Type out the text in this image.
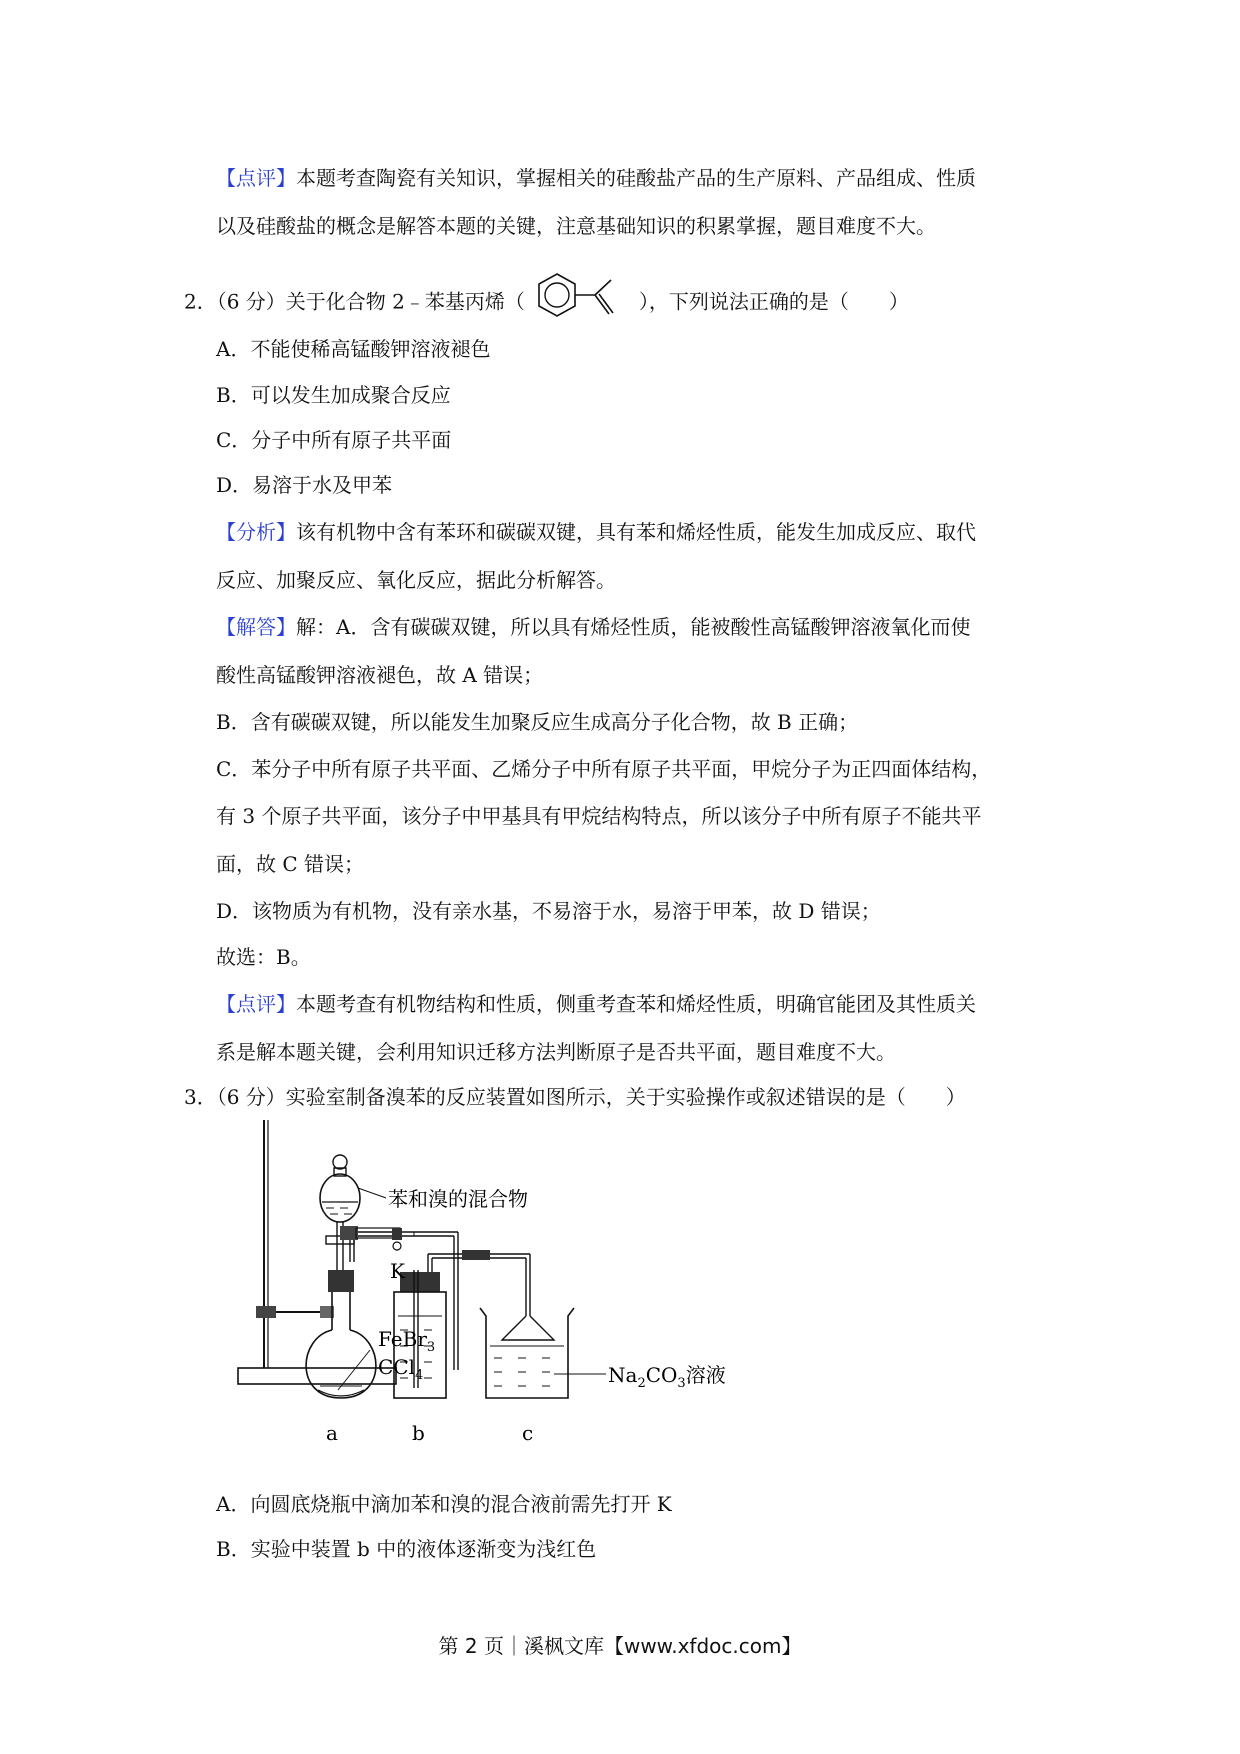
【点评】本题考查陶瓷有关知识，掌握相关的硅酸盐产品的生产原料、产品组成、性质
以及硅酸盐的概念是解答本题的关键，注意基础知识的积累掌握，题目难度不大。
2．（6 分）关于化合物 2﹣苯基丙烯（	），下列说法正确的是（　　）
A．不能使稀高锰酸钾溶液褪色
B．可以发生加成聚合反应
C．分子中所有原子共平面
D．易溶于水及甲苯
【分析】该有机物中含有苯环和碳碳双键，具有苯和烯烃性质，能发生加成反应、取代
反应、加聚反应、氧化反应，据此分析解答。
【解答】解：A．含有碳碳双键，所以具有烯烃性质，能被酸性高锰酸钾溶液氧化而使
酸性高锰酸钾溶液褪色，故 A 错误；
B．含有碳碳双键，所以能发生加聚反应生成高分子化合物，故 B 正确；
C．苯分子中所有原子共平面、乙烯分子中所有原子共平面，甲烷分子为正四面体结构，
有 3 个原子共平面，该分子中甲基具有甲烷结构特点，所以该分子中所有原子不能共平
面，故 C 错误；
D．该物质为有机物，没有亲水基，不易溶于水，易溶于甲苯，故 D 错误；
故选：B。
【点评】本题考查有机物结构和性质，侧重考查苯和烯烃性质，明确官能团及其性质关
系是解本题关键，会利用知识迁移方法判断原子是否共平面，题目难度不大。
3．（6 分）实验室制备溴苯的反应装置如图所示，关于实验操作或叙述错误的是（　　）
苯和溴的混合物
K
FeBr$_3$
CCl$_4$	$Na_2CO_3$溶液
a	b	c
A．向圆底烧瓶中滴加苯和溴的混合液前需先打开 K
B．实验中装置 b 中的液体逐渐变为浅红色
第 2 页｜溪枫文库【www.xfdoc.com】
